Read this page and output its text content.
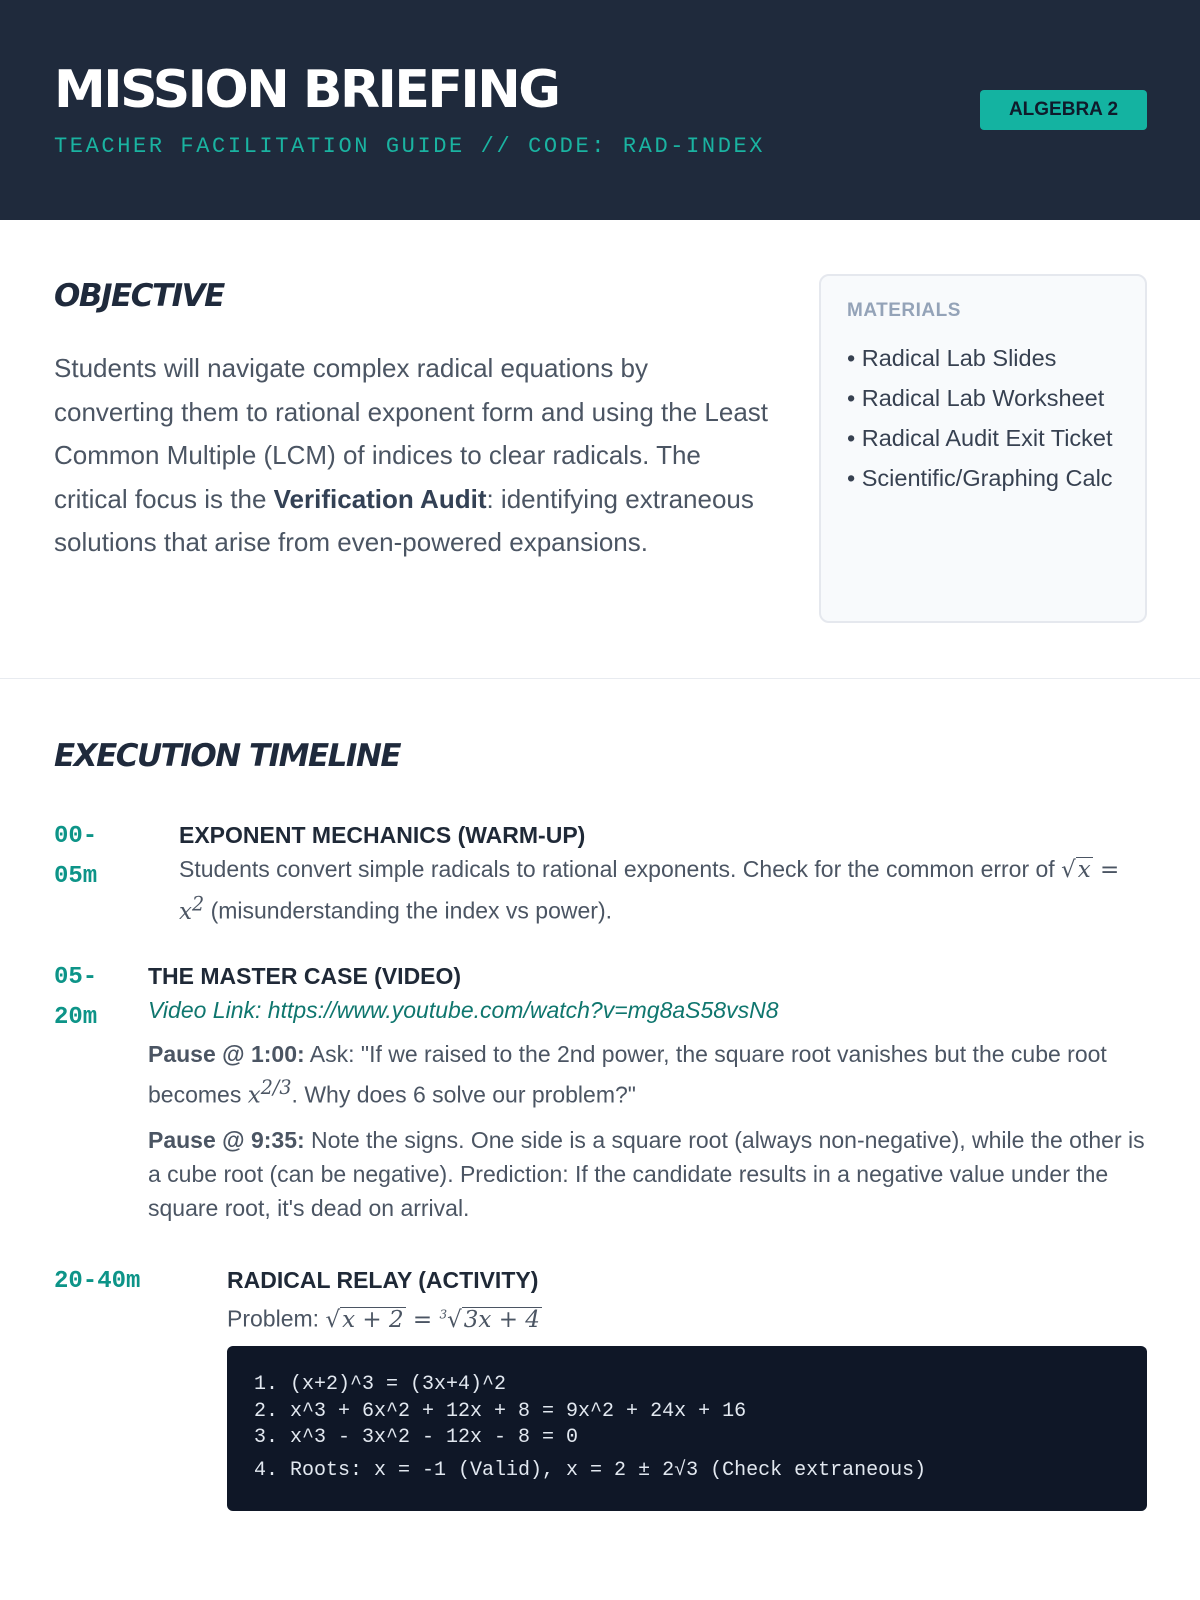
MISSION BRIEFING
TEACHER FACILITATION GUIDE // CODE: RAD-INDEX
ALGEBRA 2
OBJECTIVE
Students will navigate complex radical equations by converting them to rational exponent form and using the Least Common Multiple (LCM) of indices to clear radicals. The critical focus is the Verification Audit: identifying extraneous solutions that arise from even-powered expansions.
MATERIALS
• Radical Lab Slides
• Radical Lab Worksheet
• Radical Audit Exit Ticket
• Scientific/Graphing Calc
EXECUTION TIMELINE
00-05m
EXPONENT MECHANICS (WARM-UP)
Students convert simple radicals to rational exponents. Check for the common error of $√x = x^2$ (misunderstanding the index vs power).
05-20m
THE MASTER CASE (VIDEO)
Video Link: https://www.youtube.com/watch?v=mg8aS58vsN8
Pause @ 1:00: Ask: "If we raised to the 2nd power, the square root vanishes but the cube root becomes $x^{2/3}$. Why does 6 solve our problem?"
Pause @ 9:35: Note the signs. One side is a square root (always non-negative), while the other is a cube root (can be negative). Prediction: If the candidate results in a negative value under the square root, it's dead on arrival.
20-40m	RADICAL RELAY (ACTIVITY)
Problem: √x + 2 = $^3$√3x + 4
1. (x+2)^3 = (3x+4)^2
2. x^3 + 6x^2 + 12x + 8 = 9x^2 + 24x + 16
3. x^3 - 3x^2 - 12x - 8 = 0
4. Roots: x = -1 (Valid), x = 2 ± 2√3 (Check extraneous)
